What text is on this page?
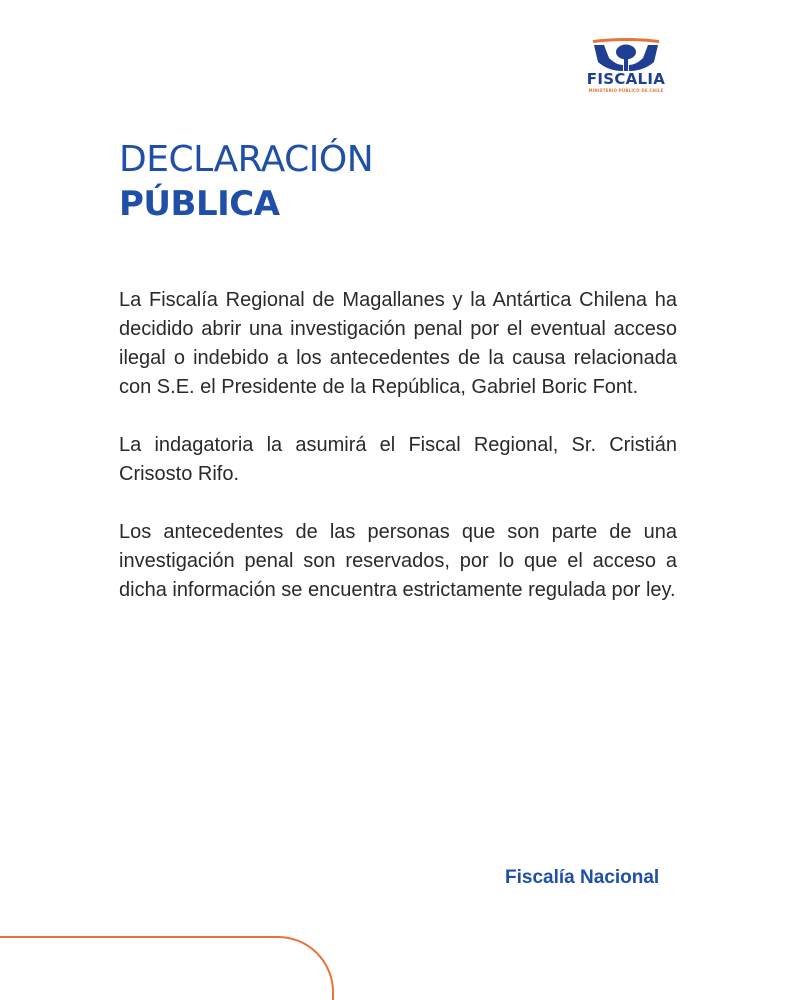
FISCALIA
MINISTERIO PÚBLICO DE CHILE
DECLARACIÓN
PÚBLICA

La Fiscalía Regional de Magallanes y la Antártica Chilena ha decidido abrir una investigación penal por el eventual acceso ilegal o indebido a los antecedentes de la causa relacionada con S.E. el Presidente de la República, Gabriel Boric Font.

La indagatoria la asumirá el Fiscal Regional, Sr. Cristián Crisosto Rifo.

Los antecedentes de las personas que son parte de una investigación penal son reservados, por lo que el acceso a dicha información se encuentra estrictamente regulada por ley.

Fiscalía Nacional
